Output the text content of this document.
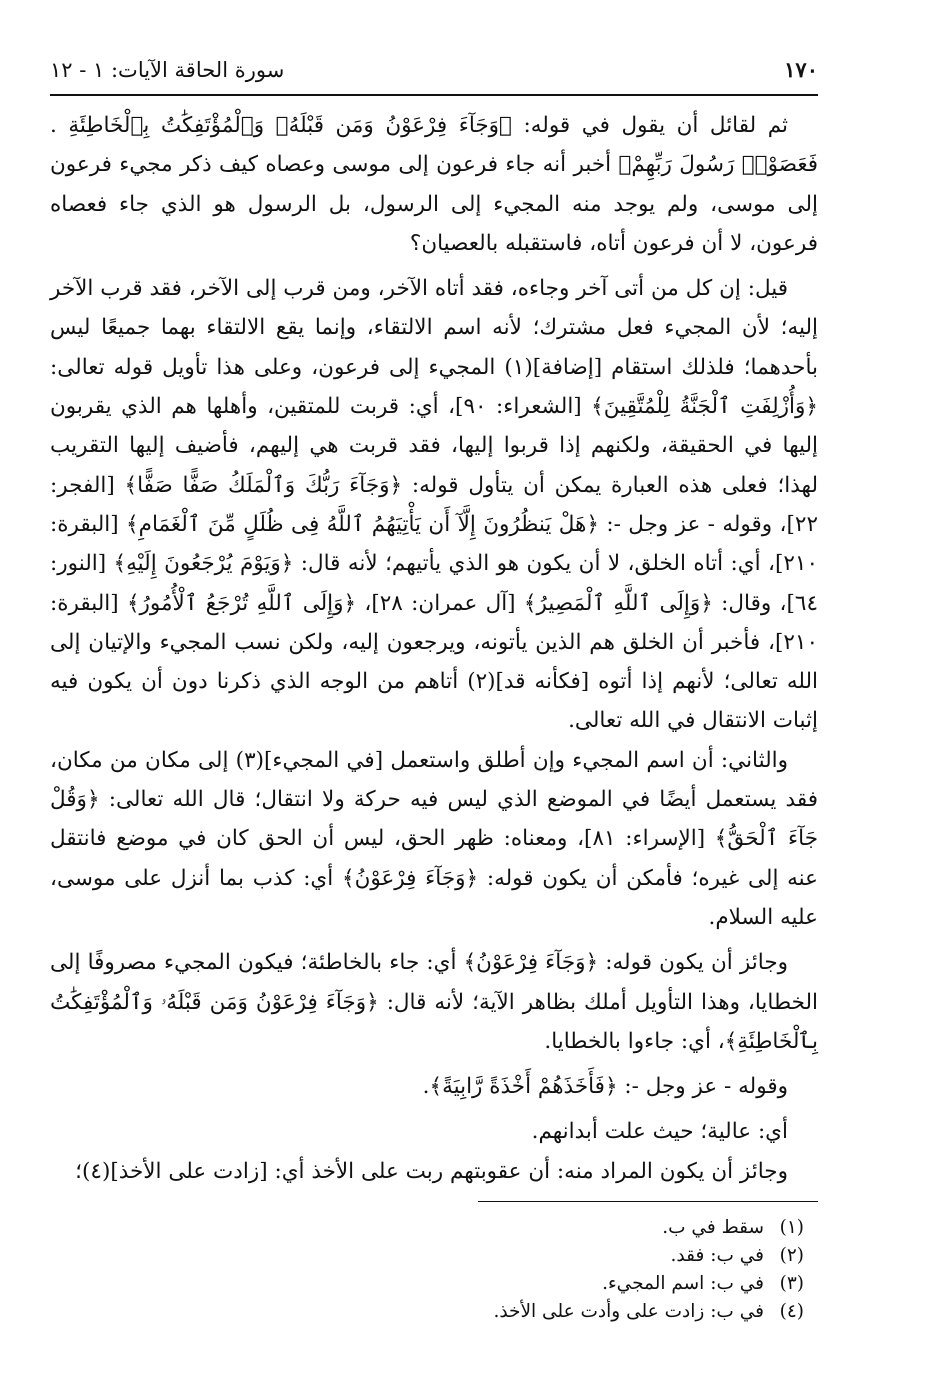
١٧٠
سورة الحاقة الآيات: ١ - ١٢

ثم لقائل أن يقول في قوله: ﴿وَجَآءَ فِرْعَوْنُ وَمَن قَبْلَهُۥ وَٱلْمُؤْتَفِكَٰتُ بِٱلْخَاطِئَةِ . فَعَصَوْا۟ رَسُولَ رَبِّهِمْ﴾ أخبر أنه جاء فرعون إلى موسى وعصاه كيف ذكر مجيء فرعون إلى موسى، ولم يوجد منه المجيء إلى الرسول، بل الرسول هو الذي جاء فعصاه فرعون، لا أن فرعون أتاه، فاستقبله بالعصيان؟

قيل: إن كل من أتى آخر وجاءه، فقد أتاه الآخر، ومن قرب إلى الآخر، فقد قرب الآخر إليه؛ لأن المجيء فعل مشترك؛ لأنه اسم الالتقاء، وإنما يقع الالتقاء بهما جميعًا ليس بأحدهما؛ فلذلك استقام [إضافة](١) المجيء إلى فرعون، وعلى هذا تأويل قوله تعالى: ﴿وَأُزْلِفَتِ ٱلْجَنَّةُ لِلْمُتَّقِينَ﴾ [الشعراء: ٩٠]، أي: قربت للمتقين، وأهلها هم الذي يقربون إليها في الحقيقة، ولكنهم إذا قربوا إليها، فقد قربت هي إليهم، فأضيف إليها التقريب لهذا؛ فعلى هذه العبارة يمكن أن يتأول قوله: ﴿وَجَآءَ رَبُّكَ وَٱلْمَلَكُ صَفًّا صَفًّا﴾ [الفجر: ٢٢]، وقوله - عز وجل -: ﴿هَلْ يَنظُرُونَ إِلَّآ أَن يَأْتِيَهُمُ ٱللَّهُ فِى ظُلَلٍ مِّنَ ٱلْغَمَامِ﴾ [البقرة: ٢١٠]، أي: أتاه الخلق، لا أن يكون هو الذي يأتيهم؛ لأنه قال: ﴿وَيَوْمَ يُرْجَعُونَ إِلَيْهِ﴾ [النور: ٦٤]، وقال: ﴿وَإِلَى ٱللَّهِ ٱلْمَصِيرُ﴾ [آل عمران: ٢٨]، ﴿وَإِلَى ٱللَّهِ تُرْجَعُ ٱلْأُمُورُ﴾ [البقرة: ٢١٠]، فأخبر أن الخلق هم الذين يأتونه، ويرجعون إليه، ولكن نسب المجيء والإتيان إلى الله تعالى؛ لأنهم إذا أتوه [فكأنه قد](٢) أتاهم من الوجه الذي ذكرنا دون أن يكون فيه إثبات الانتقال في الله تعالى.

والثاني: أن اسم المجيء وإن أطلق واستعمل [في المجيء](٣) إلى مكان من مكان، فقد يستعمل أيضًا في الموضع الذي ليس فيه حركة ولا انتقال؛ قال الله تعالى: ﴿وَقُلْ جَآءَ ٱلْحَقُّ﴾ [الإسراء: ٨١]، ومعناه: ظهر الحق، ليس أن الحق كان في موضع فانتقل عنه إلى غيره؛ فأمكن أن يكون قوله: ﴿وَجَآءَ فِرْعَوْنُ﴾ أي: كذب بما أنزل على موسى، عليه السلام.

وجائز أن يكون قوله: ﴿وَجَآءَ فِرْعَوْنُ﴾ أي: جاء بالخاطئة؛ فيكون المجيء مصروفًا إلى الخطايا، وهذا التأويل أملك بظاهر الآية؛ لأنه قال: ﴿وَجَآءَ فِرْعَوْنُ وَمَن قَبْلَهُۥ وَٱلْمُؤْتَفِكَٰتُ بِٱلْخَاطِئَةِ﴾، أي: جاءوا بالخطايا.

وقوله - عز وجل -: ﴿فَأَخَذَهُمْ أَخْذَةً رَّابِيَةً﴾.

أي: عالية؛ حيث علت أبدانهم.

وجائز أن يكون المراد منه: أن عقوبتهم ربت على الأخذ أي: [زادت على الأخذ](٤)؛

(١)سقط في ب.
(٢)في ب: فقد.
(٣)في ب: اسم المجيء.
(٤)في ب: زادت على وأدت على الأخذ.
